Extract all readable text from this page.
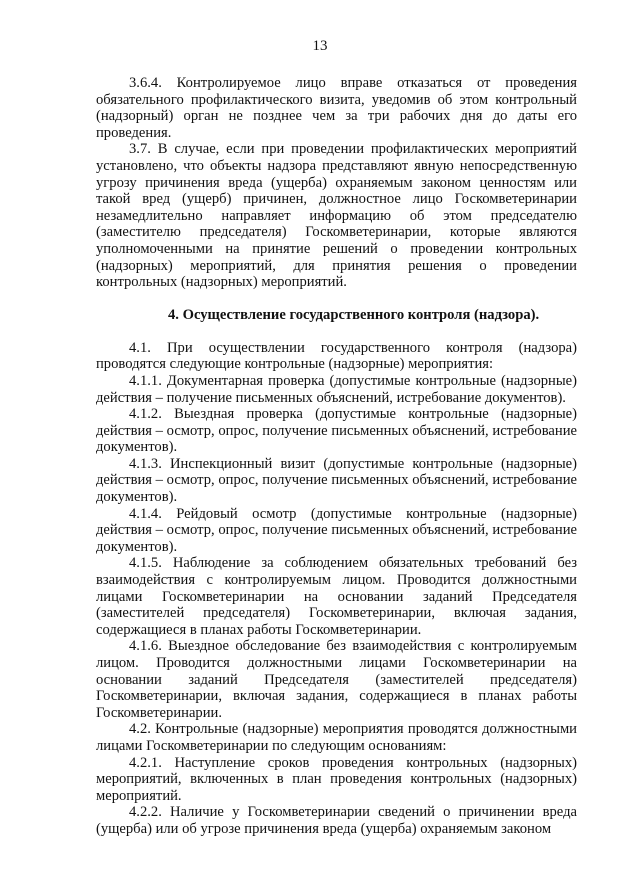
13

3.6.4. Контролируемое лицо вправе отказаться от проведения обязательного профилактического визита, уведомив об этом контрольный (надзорный) орган не позднее чем за три рабочих дня до даты его проведения.

3.7. В случае, если при проведении профилактических мероприятий установлено, что объекты надзора представляют явную непосредственную угрозу причинения вреда (ущерба) охраняемым законом ценностям или такой вред (ущерб) причинен, должностное лицо Госкомветеринарии незамедлительно направляет информацию об этом председателю (заместителю председателя) Госкомветеринарии, которые являются уполномоченными на принятие решений о проведении контрольных (надзорных) мероприятий, для принятия решения о проведении контрольных (надзорных) мероприятий.

4. Осуществление государственного контроля (надзора).

4.1. При осуществлении государственного контроля (надзора) проводятся следующие контрольные (надзорные) мероприятия:

4.1.1. Документарная проверка (допустимые контрольные (надзорные) действия – получение письменных объяснений, истребование документов).

4.1.2. Выездная проверка (допустимые контрольные (надзорные) действия – осмотр, опрос, получение письменных объяснений, истребование документов).

4.1.3. Инспекционный визит (допустимые контрольные (надзорные) действия – осмотр, опрос, получение письменных объяснений, истребование документов).

4.1.4. Рейдовый осмотр (допустимые контрольные (надзорные) действия – осмотр, опрос, получение письменных объяснений, истребование документов).

4.1.5. Наблюдение за соблюдением обязательных требований без взаимодействия с контролируемым лицом. Проводится должностными лицами Госкомветеринарии на основании заданий Председателя (заместителей председателя) Госкомветеринарии, включая задания, содержащиеся в планах работы Госкомветеринарии.

4.1.6. Выездное обследование без взаимодействия с контролируемым лицом. Проводится должностными лицами Госкомветеринарии на основании заданий Председателя (заместителей председателя) Госкомветеринарии, включая задания, содержащиеся в планах работы Госкомветеринарии.

4.2. Контрольные (надзорные) мероприятия проводятся должностными лицами Госкомветеринарии по следующим основаниям:

4.2.1. Наступление сроков проведения контрольных (надзорных) мероприятий, включенных в план проведения контрольных (надзорных) мероприятий.

4.2.2. Наличие у Госкомветеринарии сведений о причинении вреда (ущерба) или об угрозе причинения вреда (ущерба) охраняемым законом
